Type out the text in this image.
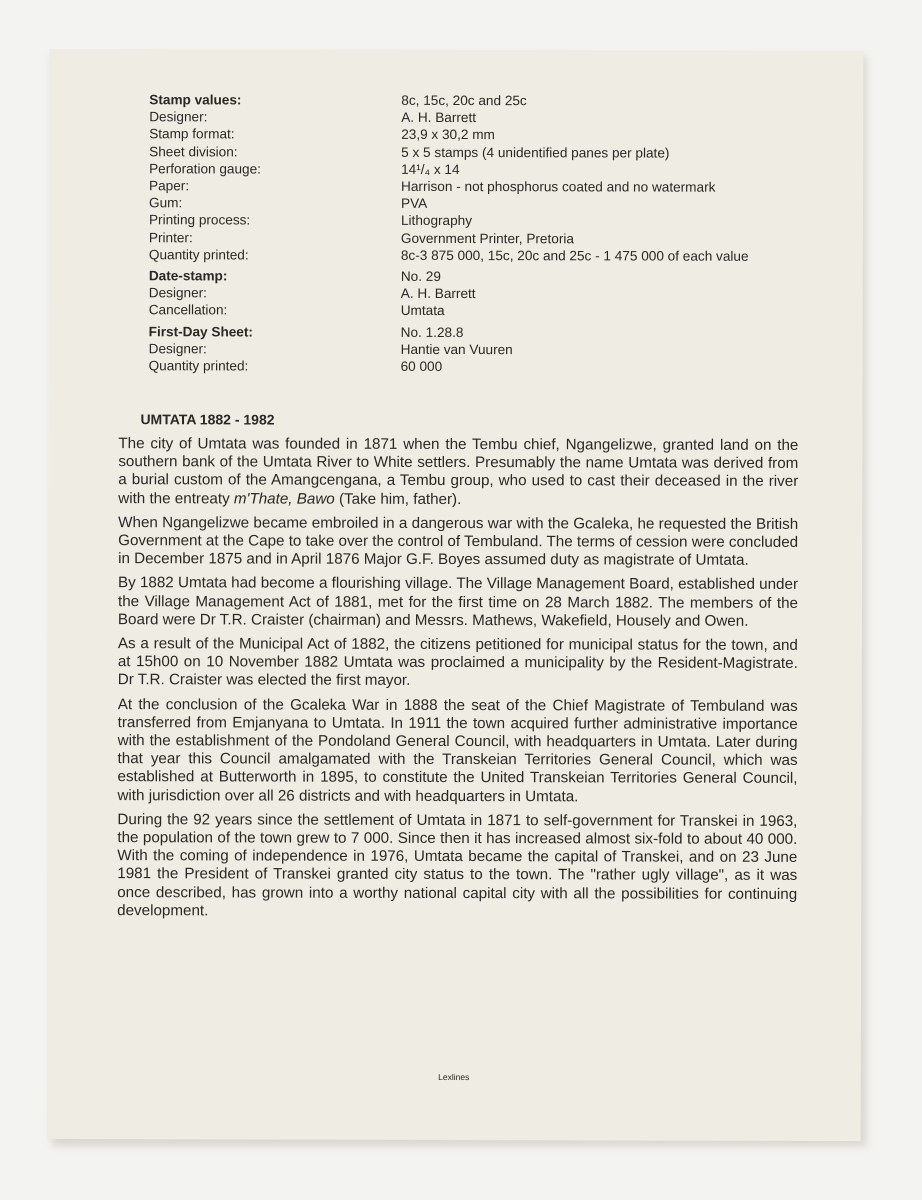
Stamp values:	8c, 15c, 20c and 25c
Designer:	A. H. Barrett
Stamp format:	23,9 x 30,2 mm
Sheet division:	5 x 5 stamps (4 unidentified panes per plate)
Perforation gauge:	14¹/₄ x 14
Paper:	Harrison - not phosphorus coated and no watermark
Gum:	PVA
Printing process:	Lithography
Printer:	Government Printer, Pretoria
Quantity printed:	8c-3 875 000, 15c, 20c and 25c - 1 475 000 of each value
Date-stamp:	No. 29
Designer:	A. H. Barrett
Cancellation:	Umtata
First-Day Sheet:	No. 1.28.8
Designer:	Hantie van Vuuren
Quantity printed:	60 000
UMTATA 1882 - 1982

The city of Umtata was founded in 1871 when the Tembu chief, Ngangelizwe, granted land on the southern bank of the Umtata River to White settlers. Presumably the name Umtata was derived from a burial custom of the Amangcengana, a Tembu group, who used to cast their deceased in the river with the entreaty m'Thate, Bawo (Take him, father).

When Ngangelizwe became embroiled in a dangerous war with the Gcaleka, he requested the British Government at the Cape to take over the control of Tembuland. The terms of cession were concluded in December 1875 and in April 1876 Major G.F. Boyes assumed duty as magistrate of Umtata.

By 1882 Umtata had become a flourishing village. The Village Management Board, established under the Village Management Act of 1881, met for the first time on 28 March 1882. The members of the Board were Dr T.R. Craister (chairman) and Messrs. Mathews, Wakefield, Housely and Owen.

As a result of the Municipal Act of 1882, the citizens petitioned for municipal status for the town, and at 15h00 on 10 November 1882 Umtata was proclaimed a municipality by the Resident-Magistrate. Dr T.R. Craister was elected the first mayor.

At the conclusion of the Gcaleka War in 1888 the seat of the Chief Magistrate of Tembuland was transferred from Emjanyana to Umtata. In 1911 the town acquired further administrative importance with the establishment of the Pondoland General Council, with headquarters in Umtata. Later during that year this Council amalgamated with the Transkeian Territories General Council, which was established at Butterworth in 1895, to constitute the United Transkeian Territories General Council, with jurisdiction over all 26 districts and with headquarters in Umtata.

During the 92 years since the settlement of Umtata in 1871 to self-government for Transkei in 1963, the population of the town grew to 7 000. Since then it has increased almost six-fold to about 40 000. With the coming of independence in 1976, Umtata became the capital of Transkei, and on 23 June 1981 the President of Transkei granted city status to the town. The "rather ugly village", as it was once described, has grown into a worthy national capital city with all the possibilities for continuing development.

Lexlines
